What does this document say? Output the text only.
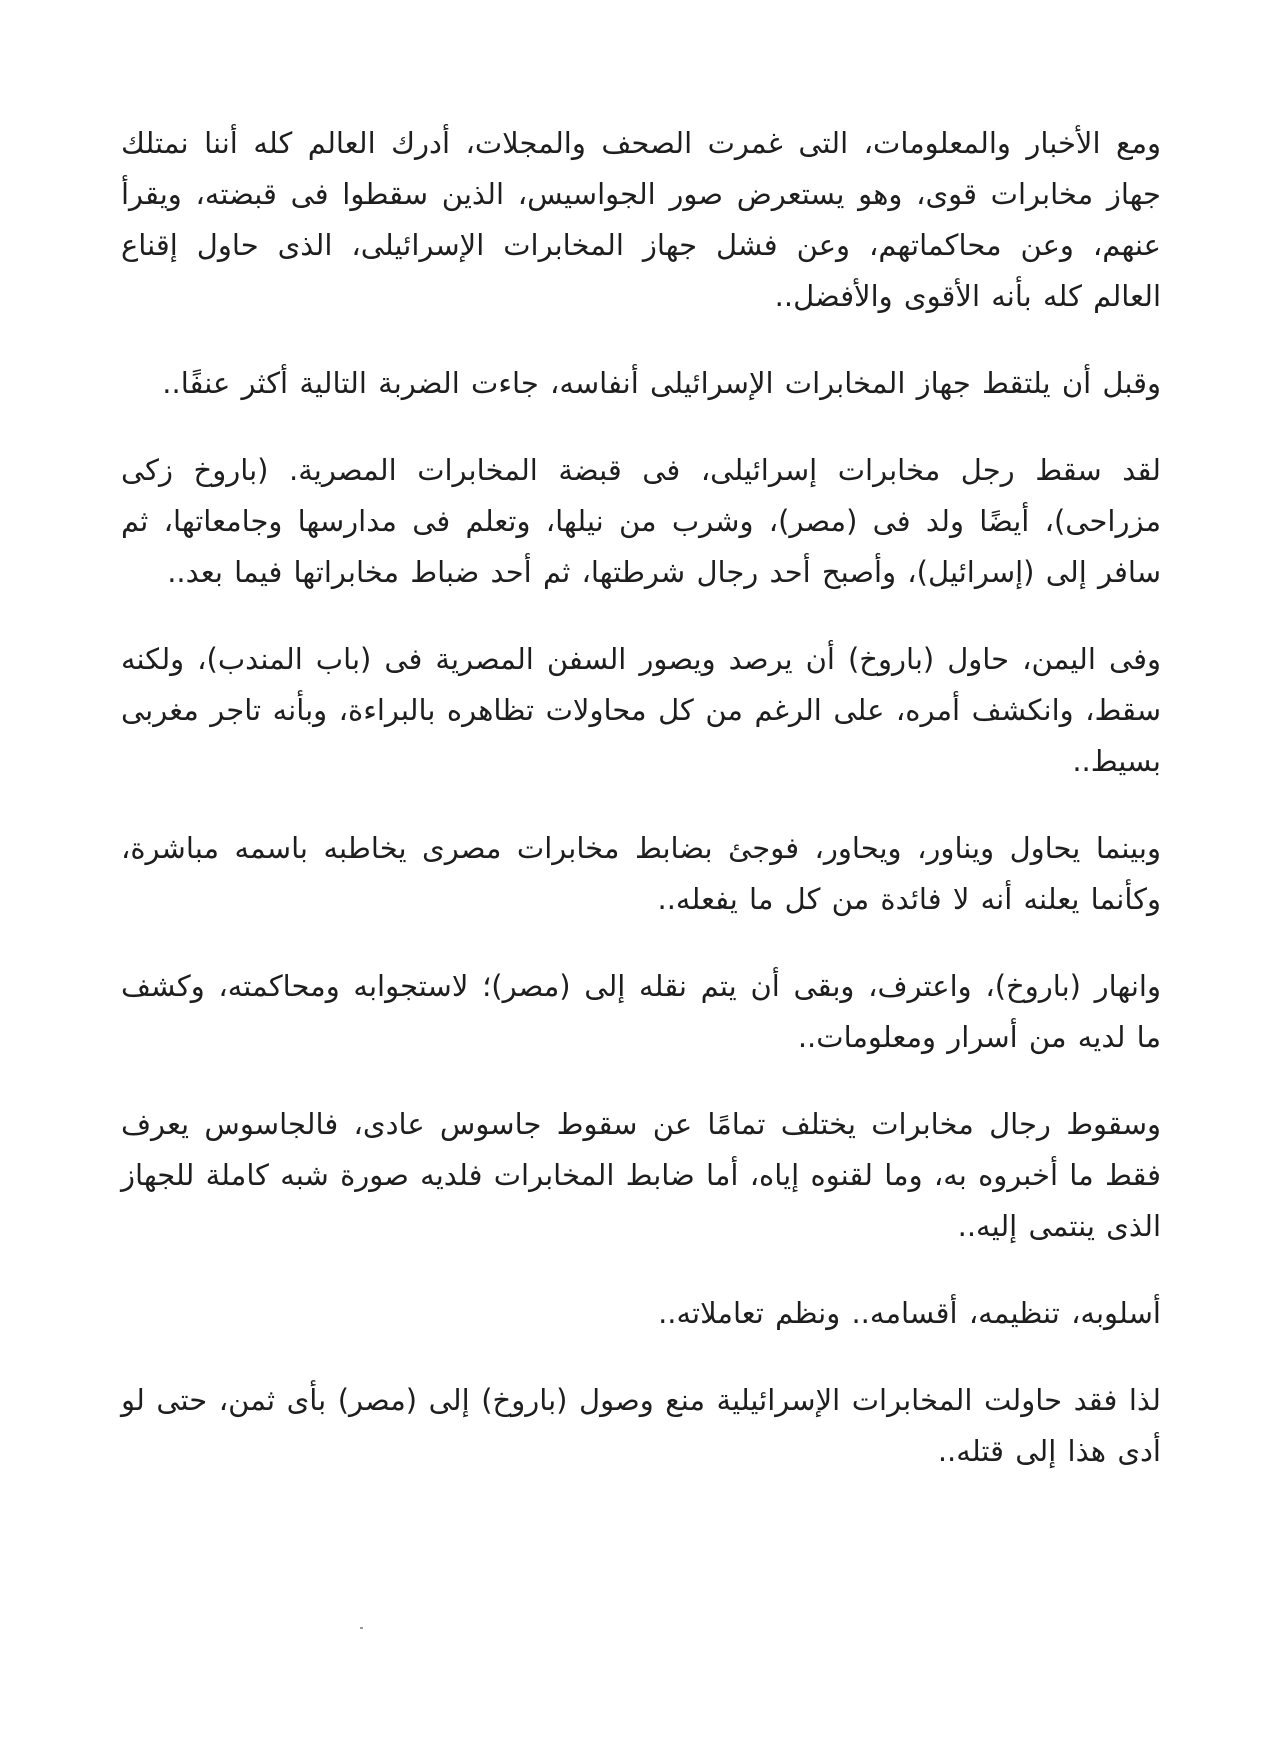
ومع الأخبار والمعلومات، التى غمرت الصحف والمجلات، أدرك العالم كله أننا نمتلك جهاز مخابرات قوى، وهو يستعرض صور الجواسيس، الذين سقطوا فى قبضته، ويقرأ عنهم، وعن محاكماتهم، وعن فشل جهاز المخابرات الإسرائيلى، الذى حاول إقناع العالم كله بأنه الأقوى والأفضل..

وقبل أن يلتقط جهاز المخابرات الإسرائيلى أنفاسه، جاءت الضربة التالية أكثر عنفًا..

لقد سقط رجل مخابرات إسرائيلى، فى قبضة المخابرات المصرية. (باروخ زكى مزراحى)، أيضًا ولد فى (مصر)، وشرب من نيلها، وتعلم فى مدارسها وجامعاتها، ثم سافر إلى (إسرائيل)، وأصبح أحد رجال شرطتها، ثم أحد ضباط مخابراتها فيما بعد..

وفى اليمن، حاول (باروخ) أن يرصد ويصور السفن المصرية فى (باب المندب)، ولكنه سقط، وانكشف أمره، على الرغم من كل محاولات تظاهره بالبراءة، وبأنه تاجر مغربى بسيط..

وبينما يحاول ويناور، ويحاور، فوجئ بضابط مخابرات مصرى يخاطبه باسمه مباشرة، وكأنما يعلنه أنه لا فائدة من كل ما يفعله..

وانهار (باروخ)، واعترف، وبقى أن يتم نقله إلى (مصر)؛ لاستجوابه ومحاكمته، وكشف ما لديه من أسرار ومعلومات..

وسقوط رجال مخابرات يختلف تمامًا عن سقوط جاسوس عادى، فالجاسوس يعرف فقط ما أخبروه به، وما لقنوه إياه، أما ضابط المخابرات فلديه صورة شبه كاملة للجهاز الذى ينتمى إليه..

أسلوبه، تنظيمه، أقسامه.. ونظم تعاملاته..

لذا فقد حاولت المخابرات الإسرائيلية منع وصول (باروخ) إلى (مصر) بأى ثمن، حتى لو أدى هذا إلى قتله..
